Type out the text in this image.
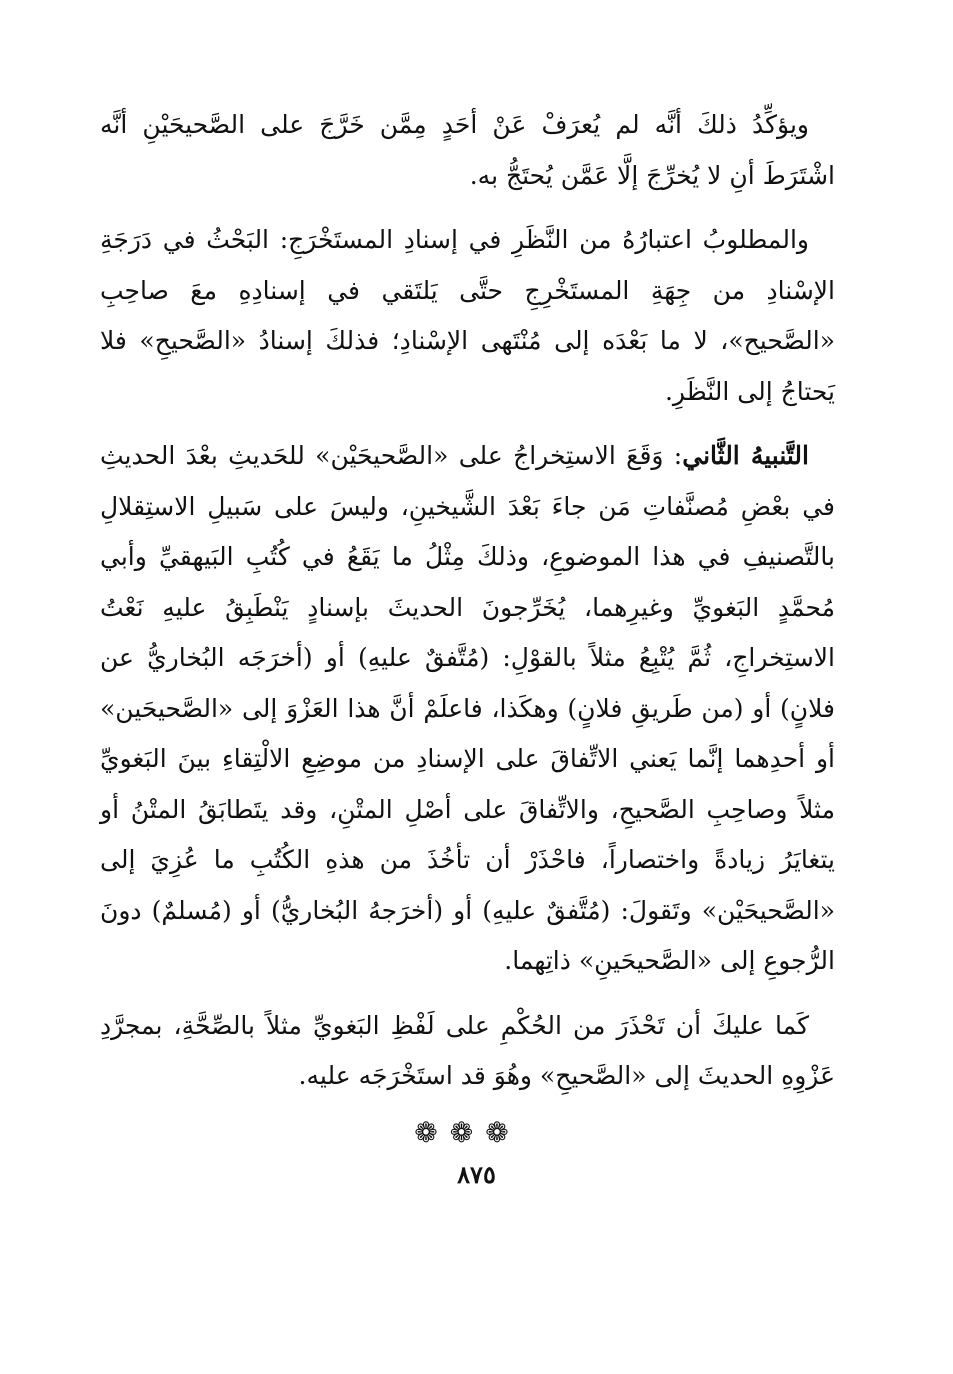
ويؤكِّدُ ذلكَ أنَّه لم يُعرَفْ عَنْ أحَدٍ مِمَّن خَرَّجَ على الصَّحيحَيْنِ أنَّه اشْتَرَطَ أنِ لا يُخرِّجَ إلَّا عَمَّن يُحتَجُّ به.

والمطلوبُ اعتبارُهُ من النَّظَرِ في إسنادِ المستَخْرَجِ: البَحْثُ في دَرَجَةِ الإسْنادِ من جِهَةِ المستَخْرِجِ حتَّى يَلتَقي في إسنادِهِ معَ صاحِبِ «الصَّحيح»، لا ما بَعْدَه إلى مُنْتَهى الإسْنادِ؛ فذلكَ إسنادُ «الصَّحيحِ» فلا يَحتاجُ إلى النَّظَرِ.

التَّنبيهُ الثَّاني: وَقَعَ الاستِخراجُ على «الصَّحيحَيْن» للحَديثِ بعْدَ الحديثِ في بعْضِ مُصنَّفاتِ مَن جاءَ بَعْدَ الشَّيخينِ، وليسَ على سَبيلِ الاستِقلالِ بالتَّصنيفِ في هذا الموضوعِ، وذلكَ مِثْلُ ما يَقَعُ في كُتُبِ البَيهقيِّ وأبي مُحمَّدٍ البَغويِّ وغيرِهما، يُخَرِّجونَ الحديثَ بإسنادٍ يَنْطَبِقُ عليهِ نَعْتُ الاستِخراجِ، ثُمَّ يُتْبِعُ مثلاً بالقوْلِ: (مُتَّفقٌ عليهِ) أو (أخرَجَه البُخاريُّ عن فلانٍ) أو (من طَريقِ فلانٍ) وهكَذا، فاعلَمْ أنَّ هذا العَزْوَ إلى «الصَّحيحَين» أو أحدِهما إنَّما يَعني الاتِّفاقَ على الإسنادِ من موضِعِ الالْتِقاءِ بينَ البَغويِّ مثلاً وصاحِبِ الصَّحيحِ، والاتِّفاقَ على أصْلِ المتْنِ، وقد يتَطابَقُ المتْنُ أو يتغايَرُ زيادةً واختصاراً، فاحْذَرْ أن تأخُذَ من هذهِ الكُتُبِ ما عُزِيَ إلى «الصَّحيحَيْن» وتَقولَ: (مُتَّفقٌ عليهِ) أو (أخرَجهُ البُخاريُّ) أو (مُسلمٌ) دونَ الرُّجوعِ إلى «الصَّحيحَينِ» ذاتِهما.

كَما عليكَ أن تَحْذَرَ من الحُكْمِ على لَفْظِ البَغويِّ مثلاً بالصِّحَّةِ، بمجرَّدِ عَزْوِهِ الحديثَ إلى «الصَّحيحِ» وهُوَ قد استَخْرَجَه عليه.

❁❁❁
٨٧٥
